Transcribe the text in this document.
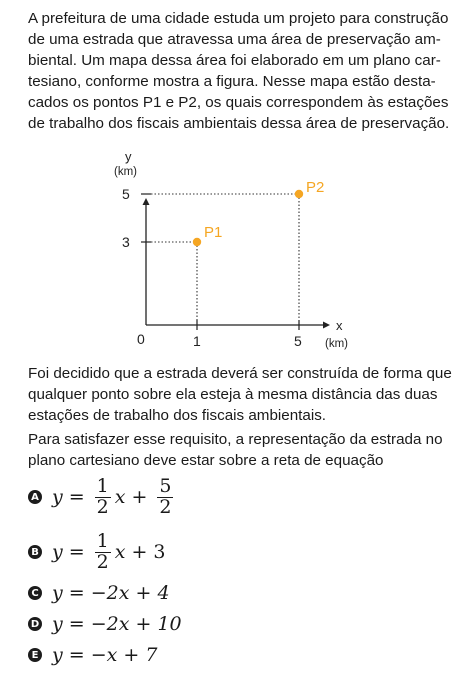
A prefeitura de uma cidade estuda um projeto para construção
de uma estrada que atravessa uma área de preservação am-
biental. Um mapa dessa área foi elaborado em um plano car-
tesiano, conforme mostra a figura. Nesse mapa estão desta-
cados os pontos P1 e P2, os quais correspondem às estações
de trabalho dos fiscais ambientais dessa área de preservação.

P1
P2
y
(km)
5
3
0	1	5
x
(km)

Foi decidido que a estrada deverá ser construída de forma que
qualquer ponto sobre ela esteja à mesma distância das duas
estações de trabalho dos fiscais ambientais.

Para satisfazer esse requisito, a representação da estrada no
plano cartesiano deve estar sobre a reta de equação

A $y = \frac{1}{2}$ $x + \frac{5}{2}$
B $y = \frac{1}{2}$ x + 3
C y = −2x + 4
D y = −2x + 10
E y = −x + 7
